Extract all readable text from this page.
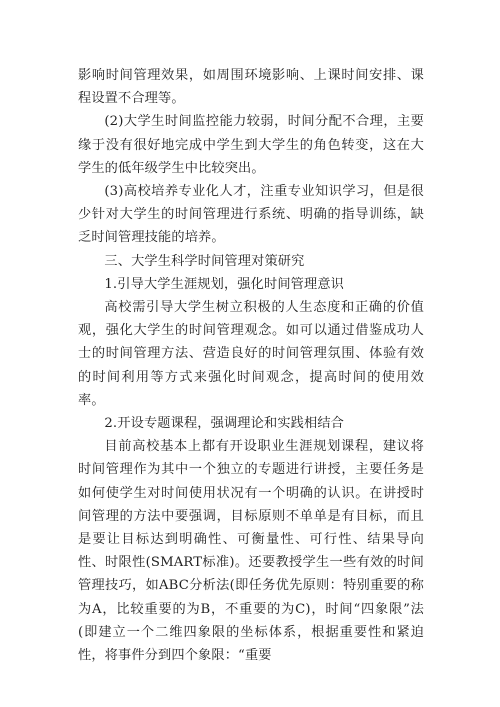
影响时间管理效果，如周围环境影响、上课时间安排、课程设置不合理等。

(2)大学生时间监控能力较弱，时间分配不合理，主要缘于没有很好地完成中学生到大学生的角色转变，这在大学生的低年级学生中比较突出。

(3)高校培养专业化人才，注重专业知识学习，但是很少针对大学生的时间管理进行系统、明确的指导训练，缺乏时间管理技能的培养。

三、大学生科学时间管理对策研究

1.引导大学生涯规划，强化时间管理意识

高校需引导大学生树立积极的人生态度和正确的价值观，强化大学生的时间管理观念。如可以通过借鉴成功人士的时间管理方法、营造良好的时间管理氛围、体验有效的时间利用等方式来强化时间观念，提高时间的使用效率。

2.开设专题课程，强调理论和实践相结合

目前高校基本上都有开设职业生涯规划课程，建议将时间管理作为其中一个独立的专题进行讲授，主要任务是如何使学生对时间使用状况有一个明确的认识。在讲授时间管理的方法中要强调，目标原则不单单是有目标，而且是要让目标达到明确性、可衡量性、可行性、结果导向性、时限性(SMART标准)。还要教授学生一些有效的时间管理技巧，如ABC分析法(即任务优先原则：特别重要的称为A，比较重要的为B，不重要的为C)，时间“四象限”法(即建立一个二维四象限的坐标体系，根据重要性和紧迫性，将事件分到四个象限：“重要
